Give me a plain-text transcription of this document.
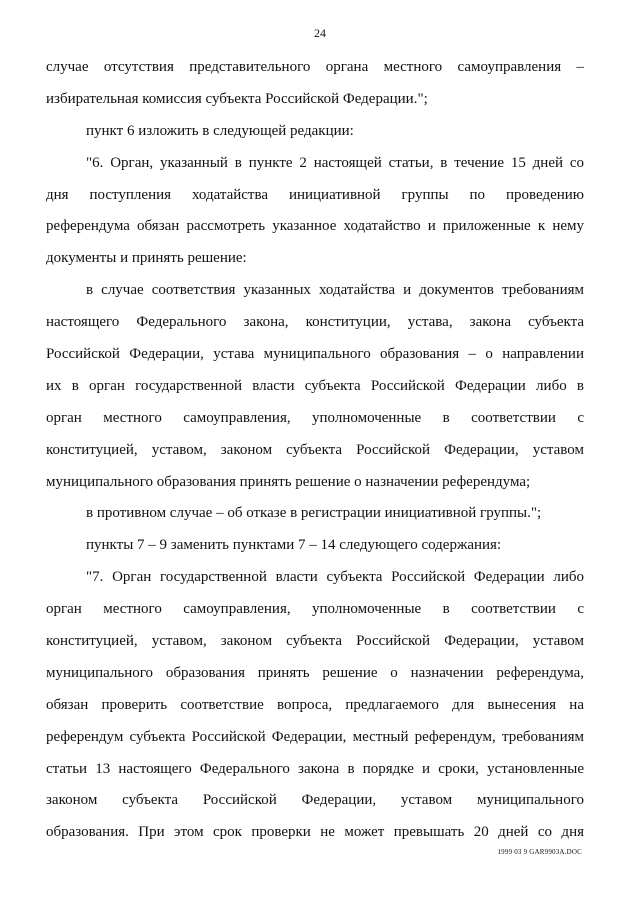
24
случае отсутствия представительного органа местного самоуправления –
избирательная комиссия субъекта Российской Федерации.";
пункт 6 изложить в следующей редакции:
"6. Орган, указанный в пункте 2 настоящей статьи, в течение 15 дней со
дня поступления ходатайства инициативной группы по проведению
референдума обязан рассмотреть указанное ходатайство и приложенные к нему
документы и принять решение:
в случае соответствия указанных ходатайства и документов требованиям
настоящего Федерального закона, конституции, устава, закона субъекта
Российской Федерации, устава муниципального образования – о направлении
их в орган государственной власти субъекта Российской Федерации либо в
орган местного самоуправления, уполномоченные в соответствии с
конституцией, уставом, законом субъекта Российской Федерации, уставом
муниципального образования принять решение о назначении референдума;
в противном случае – об отказе в регистрации инициативной группы.";
пункты 7 – 9 заменить пунктами 7 – 14 следующего содержания:
"7. Орган государственной власти субъекта Российской Федерации либо
орган местного самоуправления, уполномоченные в соответствии с
конституцией, уставом, законом субъекта Российской Федерации, уставом
муниципального образования принять решение о назначении референдума,
обязан проверить соответствие вопроса, предлагаемого для вынесения на
референдум субъекта Российской Федерации, местный референдум, требованиям
статьи 13 настоящего Федерального закона в порядке и сроки, установленные
законом субъекта Российской Федерации, уставом муниципального
образования. При этом срок проверки не может превышать 20 дней со дня
1999 03 9 GAR9903A.DOC
